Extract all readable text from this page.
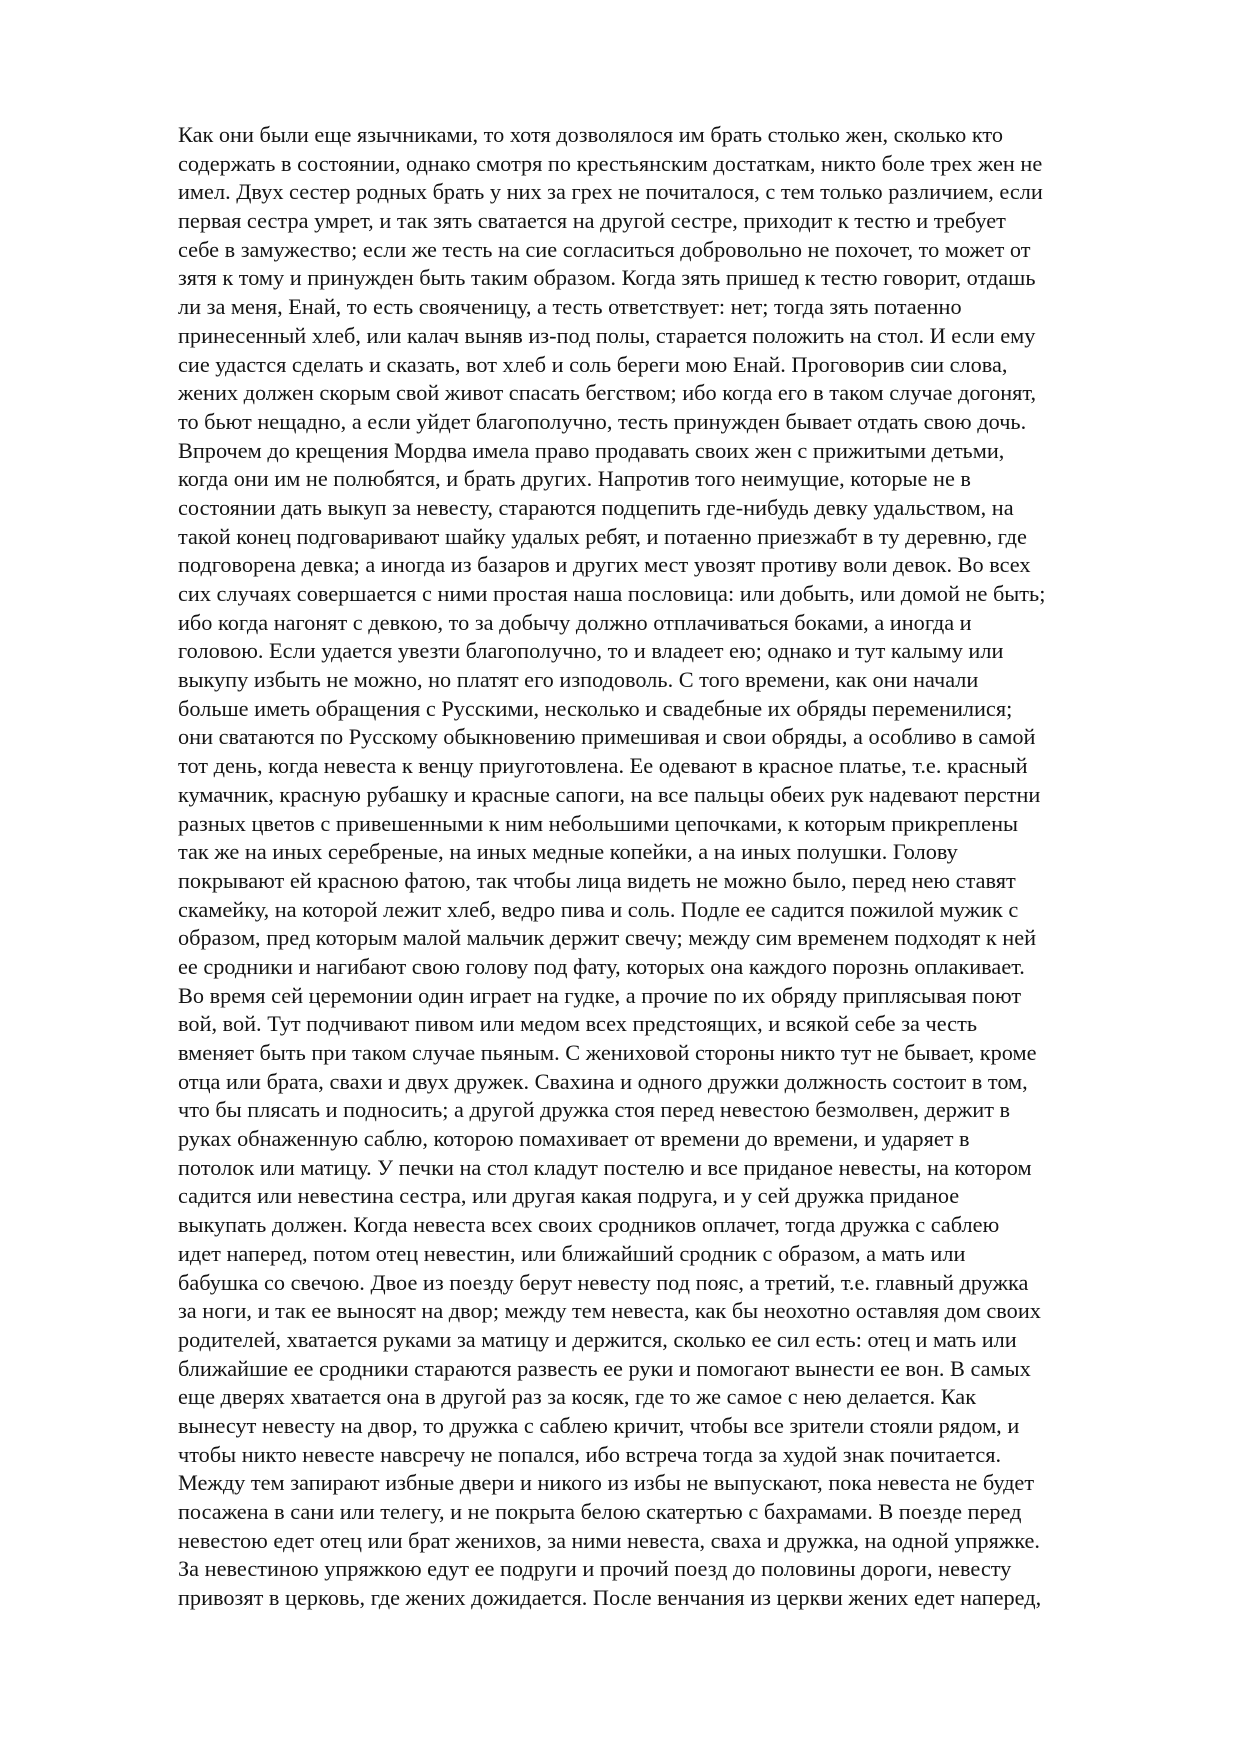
Как они были еще язычниками, то хотя дозволялося им брать столько жен, сколько кто
содержать в состоянии, однако смотря по крестьянским достаткам, никто боле трех жен не
имел. Двух сестер родных брать у них за грех не почиталося, с тем только различием, если
первая сестра умрет, и так зять сватается на другой сестре, приходит к тестю и требует
себе в замужество; если же тесть на сие согласиться добровольно не похочет, то может от
зятя к тому и принужден быть таким образом. Когда зять пришед к тестю говорит, отдашь
ли за меня, Енай, то есть свояченицу, а тесть ответствует: нет; тогда зять потаенно
принесенный хлеб, или калач выняв из-под полы, старается положить на стол. И если ему
сие удастся сделать и сказать, вот хлеб и соль береги мою Енай. Проговорив сии слова,
жених должен скорым свой живот спасать бегством; ибо когда его в таком случае догонят,
то бьют нещадно, а если уйдет благополучно, тесть принужден бывает отдать свою дочь.
Впрочем до крещения Мордва имела право продавать своих жен с прижитыми детьми,
когда они им не полюбятся, и брать других. Напротив того неимущие, которые не в
состоянии дать выкуп за невесту, стараются подцепить где-нибудь девку удальством, на
такой конец подговаривают шайку удалых ребят, и потаенно приезжабт в ту деревню, где
подговорена девка; а иногда из базаров и других мест увозят противу воли девок. Во всех
сих случаях совершается с ними простая наша пословица: или добыть, или домой не быть;
ибо когда нагонят с девкою, то за добычу должно отплачиваться боками, а иногда и
головою. Если удается увезти благополучно, то и владеет ею; однако и тут калыму или
выкупу избыть не можно, но платят его изподоволь. С того времени, как они начали
больше иметь обращения с Русскими, несколько и свадебные их обряды переменилися;
они сватаются по Русскому обыкновению примешивая и свои обряды, а особливо в самой
тот день, когда невеста к венцу приуготовлена. Ее одевают в красное платье, т.е. красный
кумачник, красную рубашку и красные сапоги, на все пальцы обеих рук надевают перстни
разных цветов с привешенными к ним небольшими цепочками, к которым прикреплены
так же на иных серебреные, на иных медные копейки, а на иных полушки. Голову
покрывают ей красною фатою, так чтобы лица видеть не можно было, перед нею ставят
скамейку, на которой лежит хлеб, ведро пива и соль. Подле ее садится пожилой мужик с
образом, пред которым малой мальчик держит свечу; между сим временем подходят к ней
ее сродники и нагибают свою голову под фату, которых она каждого порознь оплакивает.
Во время сей церемонии один играет на гудке, а прочие по их обряду приплясывая поют
вой, вой. Тут подчивают пивом или медом всех предстоящих, и всякой себе за честь
вменяет быть при таком случае пьяным. С жениховой стороны никто тут не бывает, кроме
отца или брата, свахи и двух дружек. Свахина и одного дружки должность состоит в том,
что бы плясать и подносить; а другой дружка стоя перед невестою безмолвен, держит в
руках обнаженную саблю, которою помахивает от времени до времени, и ударяет в
потолок или матицу. У печки на стол кладут постелю и все приданое невесты, на котором
садится или невестина сестра, или другая какая подруга, и у сей дружка приданое
выкупать должен. Когда невеста всех своих сродников оплачет, тогда дружка с саблею
идет наперед, потом отец невестин, или ближайший сродник с образом, а мать или
бабушка со свечою. Двое из поезду берут невесту под пояс, а третий, т.е. главный дружка
за ноги, и так ее выносят на двор; между тем невеста, как бы неохотно оставляя дом своих
родителей, хватается руками за матицу и держится, сколько ее сил есть: отец и мать или
ближайшие ее сродники стараются развесть ее руки и помогают вынести ее вон. В самых
еще дверях хватается она в другой раз за косяк, где то же самое с нею делается. Как
вынесут невесту на двор, то дружка с саблею кричит, чтобы все зрители стояли рядом, и
чтобы никто невесте навсречу не попался, ибо встреча тогда за худой знак почитается.
Между тем запирают избные двери и никого из избы не выпускают, пока невеста не будет
посажена в сани или телегу, и не покрыта белою скатертью с бахрамами. В поезде перед
невестою едет отец или брат женихов, за ними невеста, сваха и дружка, на одной упряжке.
За невестиною упряжкою едут ее подруги и прочий поезд до половины дороги, невесту
привозят в церковь, где жених дожидается. После венчания из церкви жених едет наперед,
